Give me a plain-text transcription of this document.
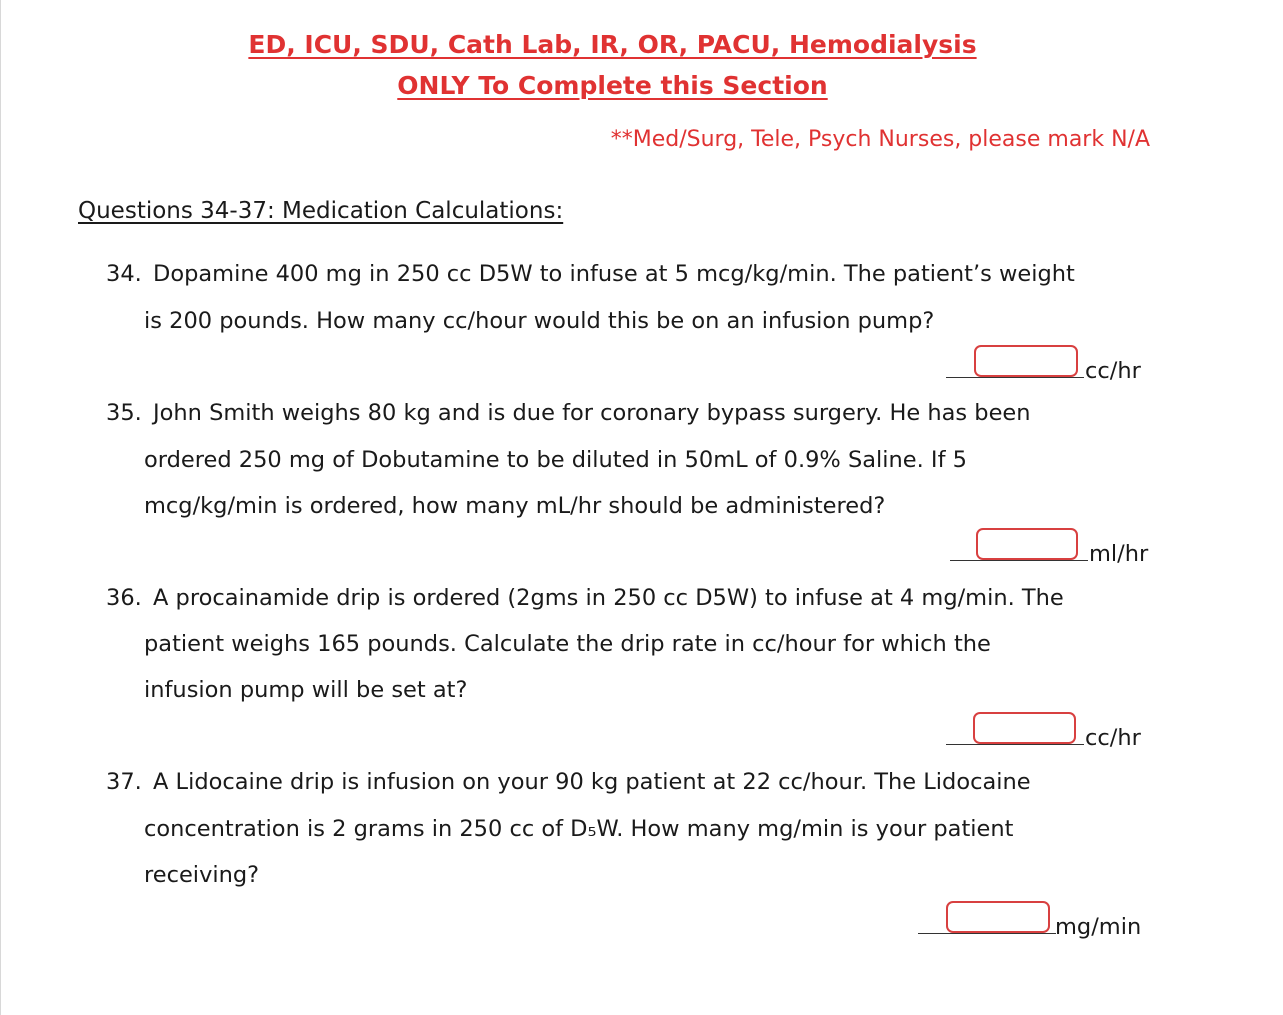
ED, ICU, SDU, Cath Lab, IR, OR, PACU, Hemodialysis
ONLY To Complete this Section
**Med/Surg, Tele, Psych Nurses, please mark N/A
Questions 34-37: Medication Calculations:
34. Dopamine 400 mg in 250 cc D5W to infuse at 5 mcg/kg/min. The patient’s weight
is 200 pounds. How many cc/hour would this be on an infusion pump?
cc/hr
35. John Smith weighs 80 kg and is due for coronary bypass surgery. He has been
ordered 250 mg of Dobutamine to be diluted in 50mL of 0.9% Saline. If 5
mcg/kg/min is ordered, how many mL/hr should be administered?
ml/hr
36. A procainamide drip is ordered (2gms in 250 cc D5W) to infuse at 4 mg/min. The
patient weighs 165 pounds. Calculate the drip rate in cc/hour for which the
infusion pump will be set at?
cc/hr
37. A Lidocaine drip is infusion on your 90 kg patient at 22 cc/hour. The Lidocaine
concentration is 2 grams in 250 cc of D₅W. How many mg/min is your patient
receiving?
mg/min
